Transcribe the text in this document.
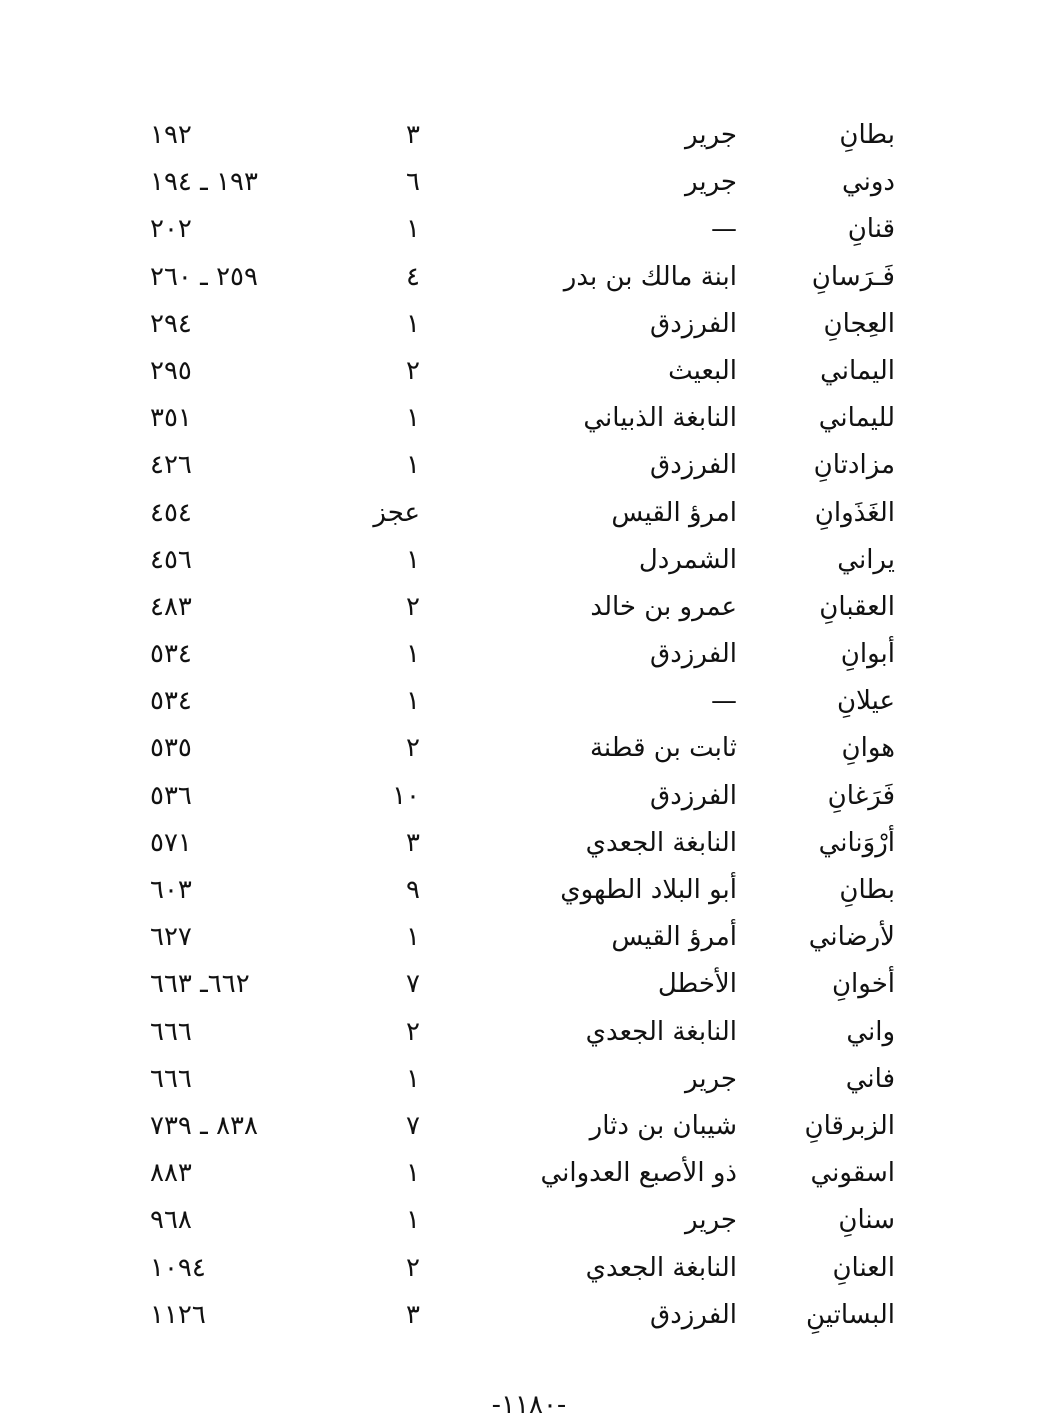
بطانِ
جرير
٣
١٩٢
دوني
جرير
٦
١٩٣ ـ ١٩٤
قنانِ
—
١
٢٠٢
فَـرَسانِ
ابنة مالك بن بدر
٤
٢٥٩ ـ ٢٦٠
العِجانِ
الفرزدق
١
٢٩٤
اليماني
البعيث
٢
٢٩٥
لليماني
النابغة الذبياني
١
٣٥١
مزادتانِ
الفرزدق
١
٤٢٦
الغَذَوانِ
امرؤ القيس
عجز
٤٥٤
يراني
الشمردل
١
٤٥٦
العقبانِ
عمرو بن خالد
٢
٤٨٣
أبوانِ
الفرزدق
١
٥٣٤
عيلانِ
—
١
٥٣٤
هوانِ
ثابت بن قطنة
٢
٥٣٥
فَرَغانِ
الفرزدق
١٠
٥٣٦
أرْوَناني
النابغة الجعدي
٣
٥٧١
بطانِ
أبو البلاد الطهوي
٩
٦٠٣
لأرضاني
أمرؤ القيس
١
٦٢٧
أخوانِ
الأخطل
٧
٦٦٢ـ ٦٦٣
واني
النابغة الجعدي
٢
٦٦٦
فاني
جرير
١
٦٦٦
الزبرقانِ
شيبان بن دثار
٧
٨٣٨ ـ ٧٣٩
اسقوني
ذو الأصبع العدواني
١
٨٨٣
سنانِ
جرير
١
٩٦٨
العنانِ
النابغة الجعدي
٢
١٠٩٤
البساتينِ
الفرزدق
٣
١١٢٦
-١١٨٠-
